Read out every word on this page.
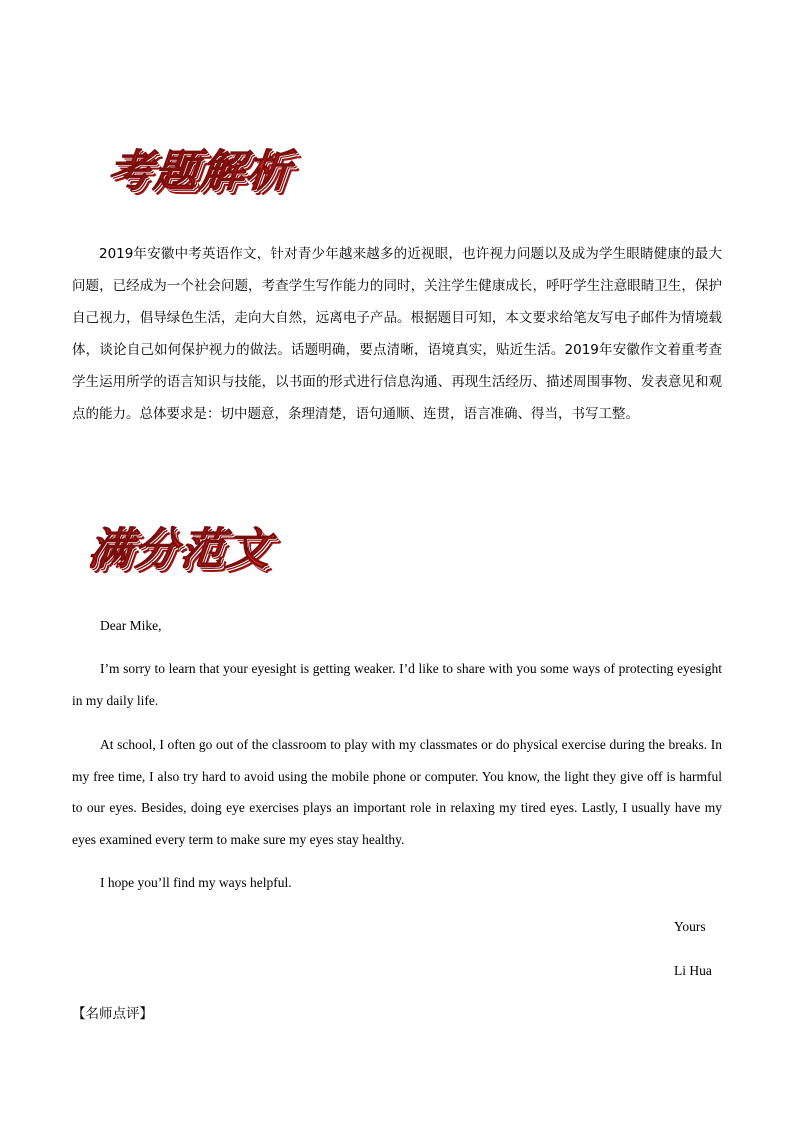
考题解析

2019年安徽中考英语作文，针对青少年越来越多的近视眼，也许视力问题以及成为学生眼睛健康的最大问题，已经成为一个社会问题，考查学生写作能力的同时，关注学生健康成长，呼吁学生注意眼睛卫生，保护自己视力，倡导绿色生活，走向大自然，远离电子产品。根据题目可知，本文要求给笔友写电子邮件为情境载体，谈论自己如何保护视力的做法。话题明确，要点清晰，语境真实，贴近生活。2019年安徽作文着重考查学生运用所学的语言知识与技能，以书面的形式进行信息沟通、再现生活经历、描述周围事物、发表意见和观点的能力。总体要求是：切中题意，条理清楚，语句通顺、连贯，语言准确、得当，书写工整。

满分范文

Dear Mike,

I’m sorry to learn that your eyesight is getting weaker. I’d like to share with you some ways of protecting eyesight in my daily life.

At school, I often go out of the classroom to play with my classmates or do physical exercise during the breaks. In my free time, I also try hard to avoid using the mobile phone or computer. You know, the light they give off is harmful to our eyes. Besides, doing eye exercises plays an important role in relaxing my tired eyes. Lastly, I usually have my eyes examined every term to make sure my eyes stay healthy.

I hope you’ll find my ways helpful.

Yours

Li Hua

【名师点评】
